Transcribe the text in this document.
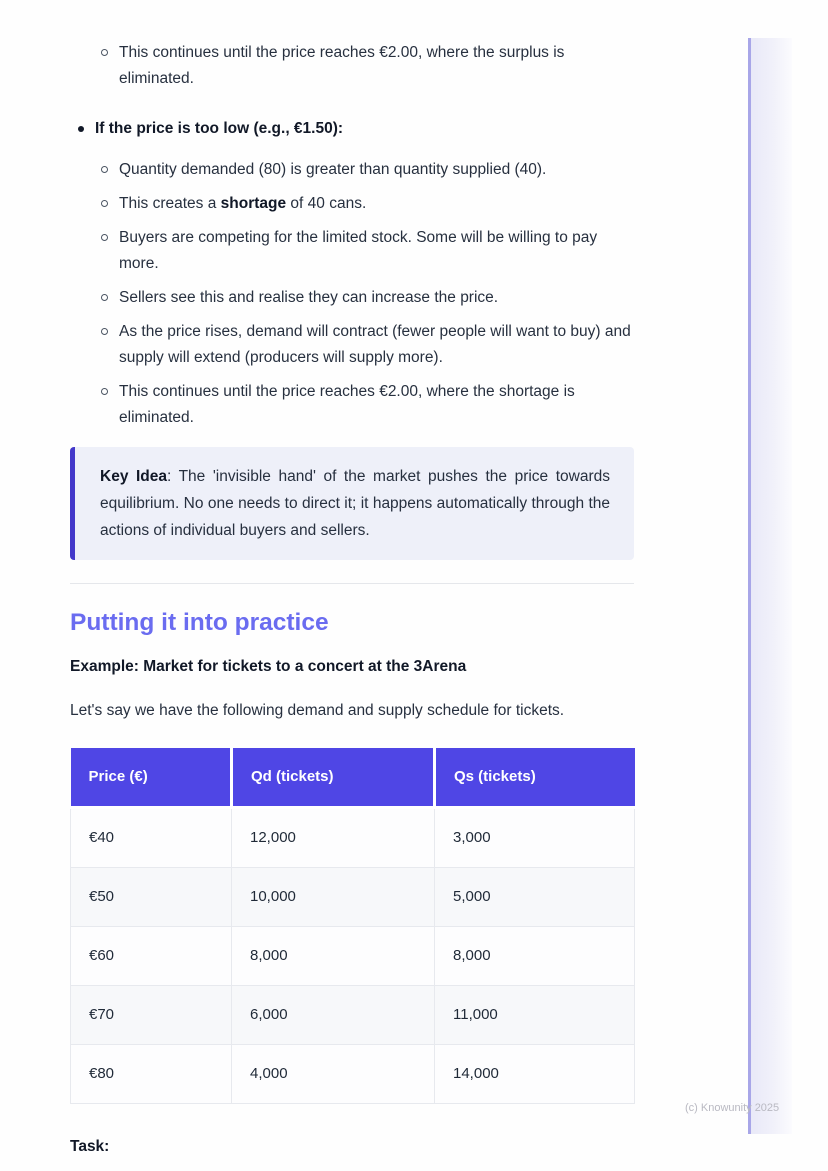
(c) Knowunity 2025
This continues until the price reaches €2.00, where the surplus is eliminated.
If the price is too low (e.g., €1.50):
Quantity demanded (80) is greater than quantity supplied (40).
This creates a shortage of 40 cans.
Buyers are competing for the limited stock. Some will be willing to pay more.
Sellers see this and realise they can increase the price.
As the price rises, demand will contract (fewer people will want to buy) and supply will extend (producers will supply more).
This continues until the price reaches €2.00, where the shortage is eliminated.
Key Idea: The 'invisible hand' of the market pushes the price towards equilibrium. No one needs to direct it; it happens automatically through the actions of individual buyers and sellers.
Putting it into practice
Example: Market for tickets to a concert at the 3Arena
Let's say we have the following demand and supply schedule for tickets.
Price (€)	Qd (tickets)	Qs (tickets)
€40	12,000	3,000
€50	10,000	5,000
€60	8,000	8,000
€70	6,000	11,000
€80	4,000	14,000
Task:
